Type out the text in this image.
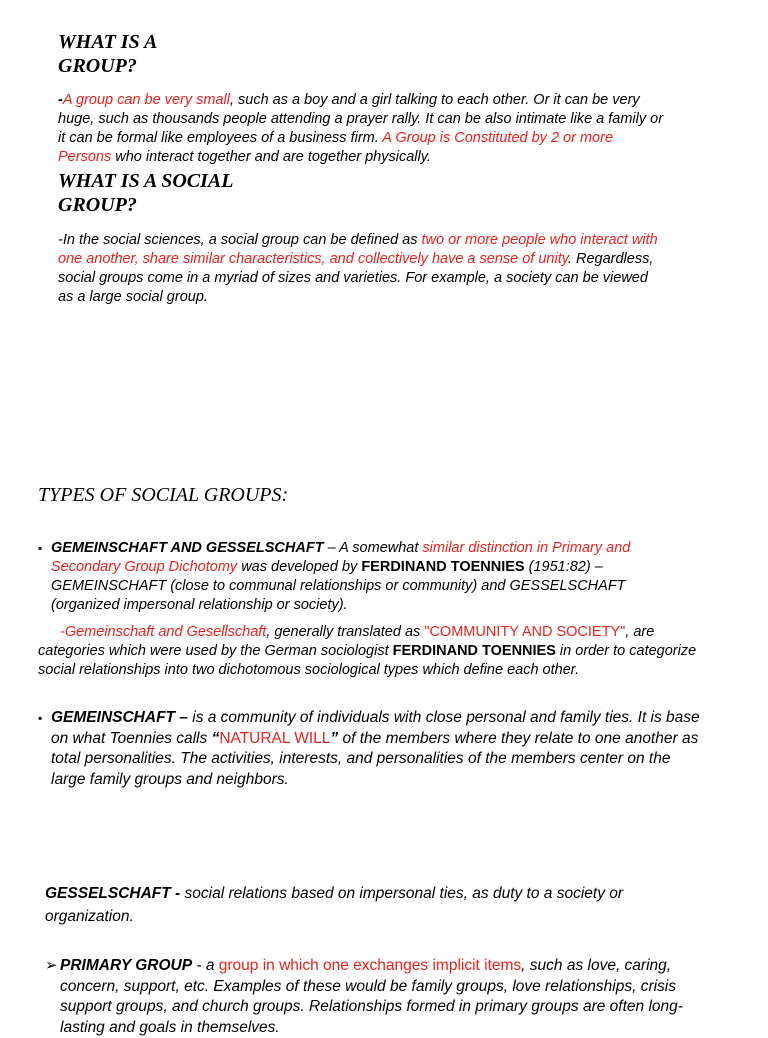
WHAT IS A
GROUP?

-A group can be very small, such as a boy and a girl talking to each other. Or it can be very huge, such as thousands people attending a prayer rally. It can be also intimate like a family or it can be formal like employees of a business firm. A Group is Constituted by 2 or more Persons who interact together and are together physically.

WHAT IS A SOCIAL
GROUP?

-In the social sciences, a social group can be defined as two or more people who interact with one another, share similar characteristics, and collectively have a sense of unity. Regardless, social groups come in a myriad of sizes and varieties. For example, a society can be viewed as a large social group.

TYPES OF SOCIAL GROUPS:
▪ GEMEINSCHAFT AND GESSELSCHAFT – A somewhat similar distinction in Primary and Secondary Group Dichotomy was developed by FERDINAND TOENNIES (1951:82) – GEMEINSCHAFT (close to communal relationships or community) and GESSELSCHAFT (organized impersonal relationship or society).

-Gemeinschaft and Gesellschaft, generally translated as "COMMUNITY AND SOCIETY", are categories which were used by the German sociologist FERDINAND TOENNIES in order to categorize social relationships into two dichotomous sociological types which define each other.

▪ GEMEINSCHAFT – is a community of individuals with close personal and family ties. It is base on what Toennies calls “NATURAL WILL” of the members where they relate to one another as total personalities. The activities, interests, and personalities of the members center on the large family groups and neighbors.

GESSELSCHAFT - social relations based on impersonal ties, as duty to a society or organization.

➢ PRIMARY GROUP - a group in which one exchanges implicit items, such as love, caring, concern, support, etc. Examples of these would be family groups, love relationships, crisis support groups, and church groups. Relationships formed in primary groups are often long-lasting and goals in themselves.
